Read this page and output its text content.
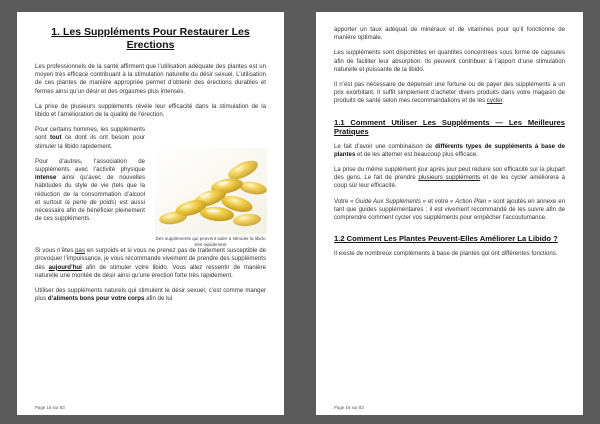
1. Les Suppléments Pour Restaurer Les
Erections

Les professionnels de la santé affirment que l’utilisation adéquate des plantes est un moyen très efficace contribuant à la stimulation naturelle du désir sexuel. L’utilisation de ces plantes de manière appropriée permet d’obtenir des érections durables et fermes ainsi qu’un désir et des orgasmes plus intenses.

La prise de plusieurs suppléments révèle leur efficacité dans la stimulation de la libido et l’amélioration de la qualité de l’érection.

Pour certains hommes, les suppléments sont tout ce dont ils ont besoin pour stimuler la libido rapidement.

Pour d’autres, l’association de suppléments avec l’activité physique intense ainsi qu’avec de nouvelles habitudes du style de vie (tels que la réduction de la consommation d’alcool et surtout la perte de poids) est aussi nécessaire afin de bénéficier pleinement de ces suppléments.

Des suppléments qui peuvent aider à stimuler la libido très rapidement

Si vous n’êtes pas en surpoids et si vous ne prenez pas de traitement susceptible de provoquer l’impuissance, je vous recommande vivement de prendre des suppléments dès aujourd’hui afin de stimuler votre libido. Vous allez ressentir de manière naturelle une montée de désir ainsi qu’une érection forte très rapidement.

Utiliser des suppléments naturels qui stimulent le désir sexuel, c’est comme manger plus d’aliments bons pour votre corps afin de lui

Page 15 sur 83

apporter un taux adéquat de minéraux et de vitamines pour qu’il fonctionne de manière optimale.

Les suppléments sont disponibles en quantités concentrées sous forme de capsules afin de faciliter leur absorption. Ils peuvent contribuer à l’apport d’une stimulation naturelle et puissante de la libido.

Il n’est pas nécessaire de dépenser une fortune ou de payer des suppléments à un prix exorbitant. Il suffit simplement d’acheter divers produits dans votre magasin de produits de santé selon mes recommandations et de les cycler.

1.1 Comment Utiliser Les Suppléments — Les Meilleures Pratiques

Le fait d’avoir une combinaison de différents types de suppléments à base de plantes et de les alterner est beaucoup plus efficace.

La prise du même supplément jour après jour peut réduire son efficacité sur la plupart des gens. Le fait de prendre plusieurs suppléments et de les cycler améliorera à coup sûr leur efficacité.

Votre « Guide Aux Suppléments » et votre « Action Plan » sont ajoutés en annexe en tant que guides supplémentaires ; il est vivement recommandé de les suivre afin de comprendre comment cycler vos suppléments pour empêcher l’accoutumance.

1.2 Comment Les Plantes Peuvent-Elles Améliorer La Libido ?

Il existe de nombreux compléments à base de plantes qui ont différentes fonctions.

Page 16 sur 83
